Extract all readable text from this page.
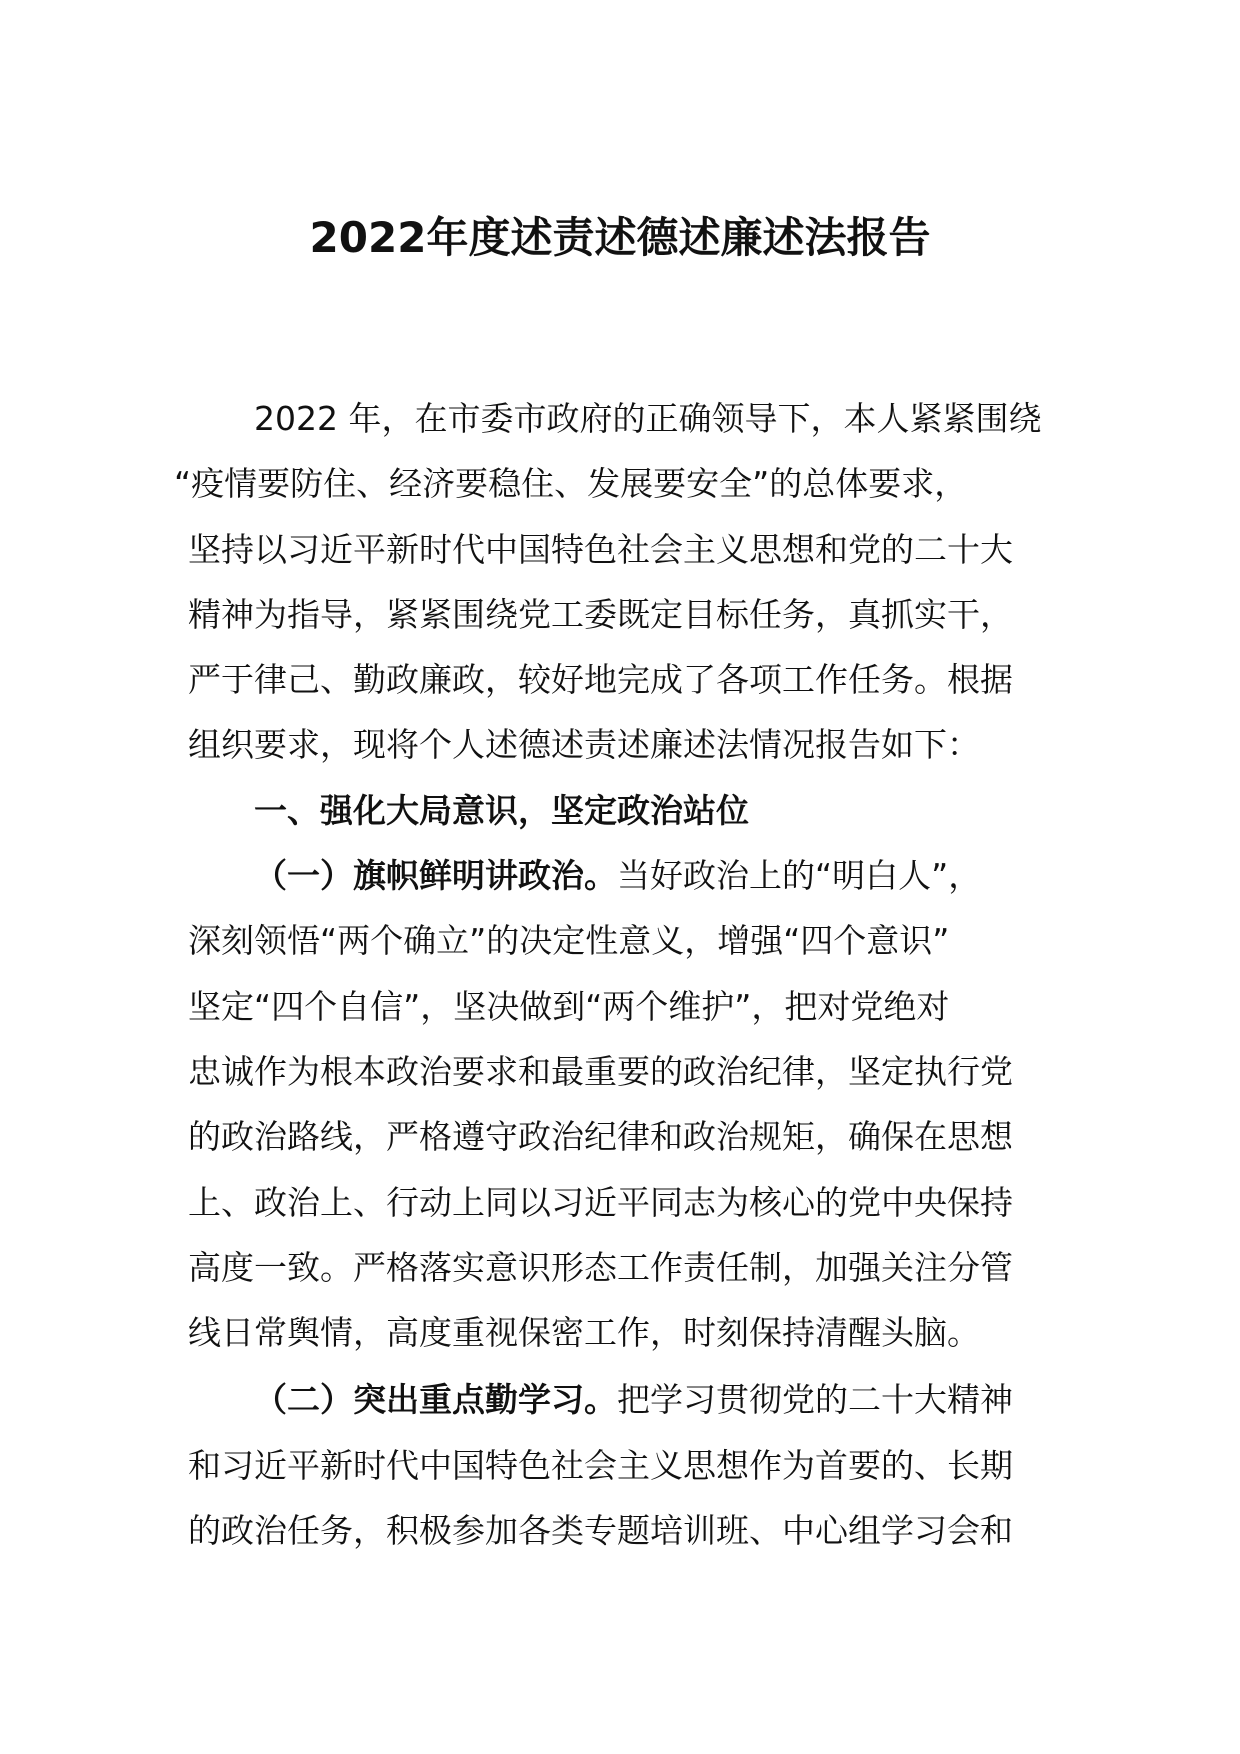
2022年度述责述德述廉述法报告
2022 年，在市委市政府的正确领导下，本人紧紧围绕
“疫情要防住、经济要稳住、发展要安全”的总体要求，
坚持以习近平新时代中国特色社会主义思想和党的二十大
精神为指导，紧紧围绕党工委既定目标任务，真抓实干，
严于律己、勤政廉政，较好地完成了各项工作任务。根据
组织要求，现将个人述德述责述廉述法情况报告如下：
一、强化大局意识，坚定政治站位
（一）旗帜鲜明讲政治。当好政治上的“明白人”，
深刻领悟“两个确立”的决定性意义，增强“四个意识”
坚定“四个自信”，坚决做到“两个维护”，把对党绝对
忠诚作为根本政治要求和最重要的政治纪律，坚定执行党
的政治路线，严格遵守政治纪律和政治规矩，确保在思想
上、政治上、行动上同以习近平同志为核心的党中央保持
高度一致。严格落实意识形态工作责任制，加强关注分管
线日常舆情，高度重视保密工作，时刻保持清醒头脑。
（二）突出重点勤学习。把学习贯彻党的二十大精神
和习近平新时代中国特色社会主义思想作为首要的、长期
的政治任务，积极参加各类专题培训班、中心组学习会和
